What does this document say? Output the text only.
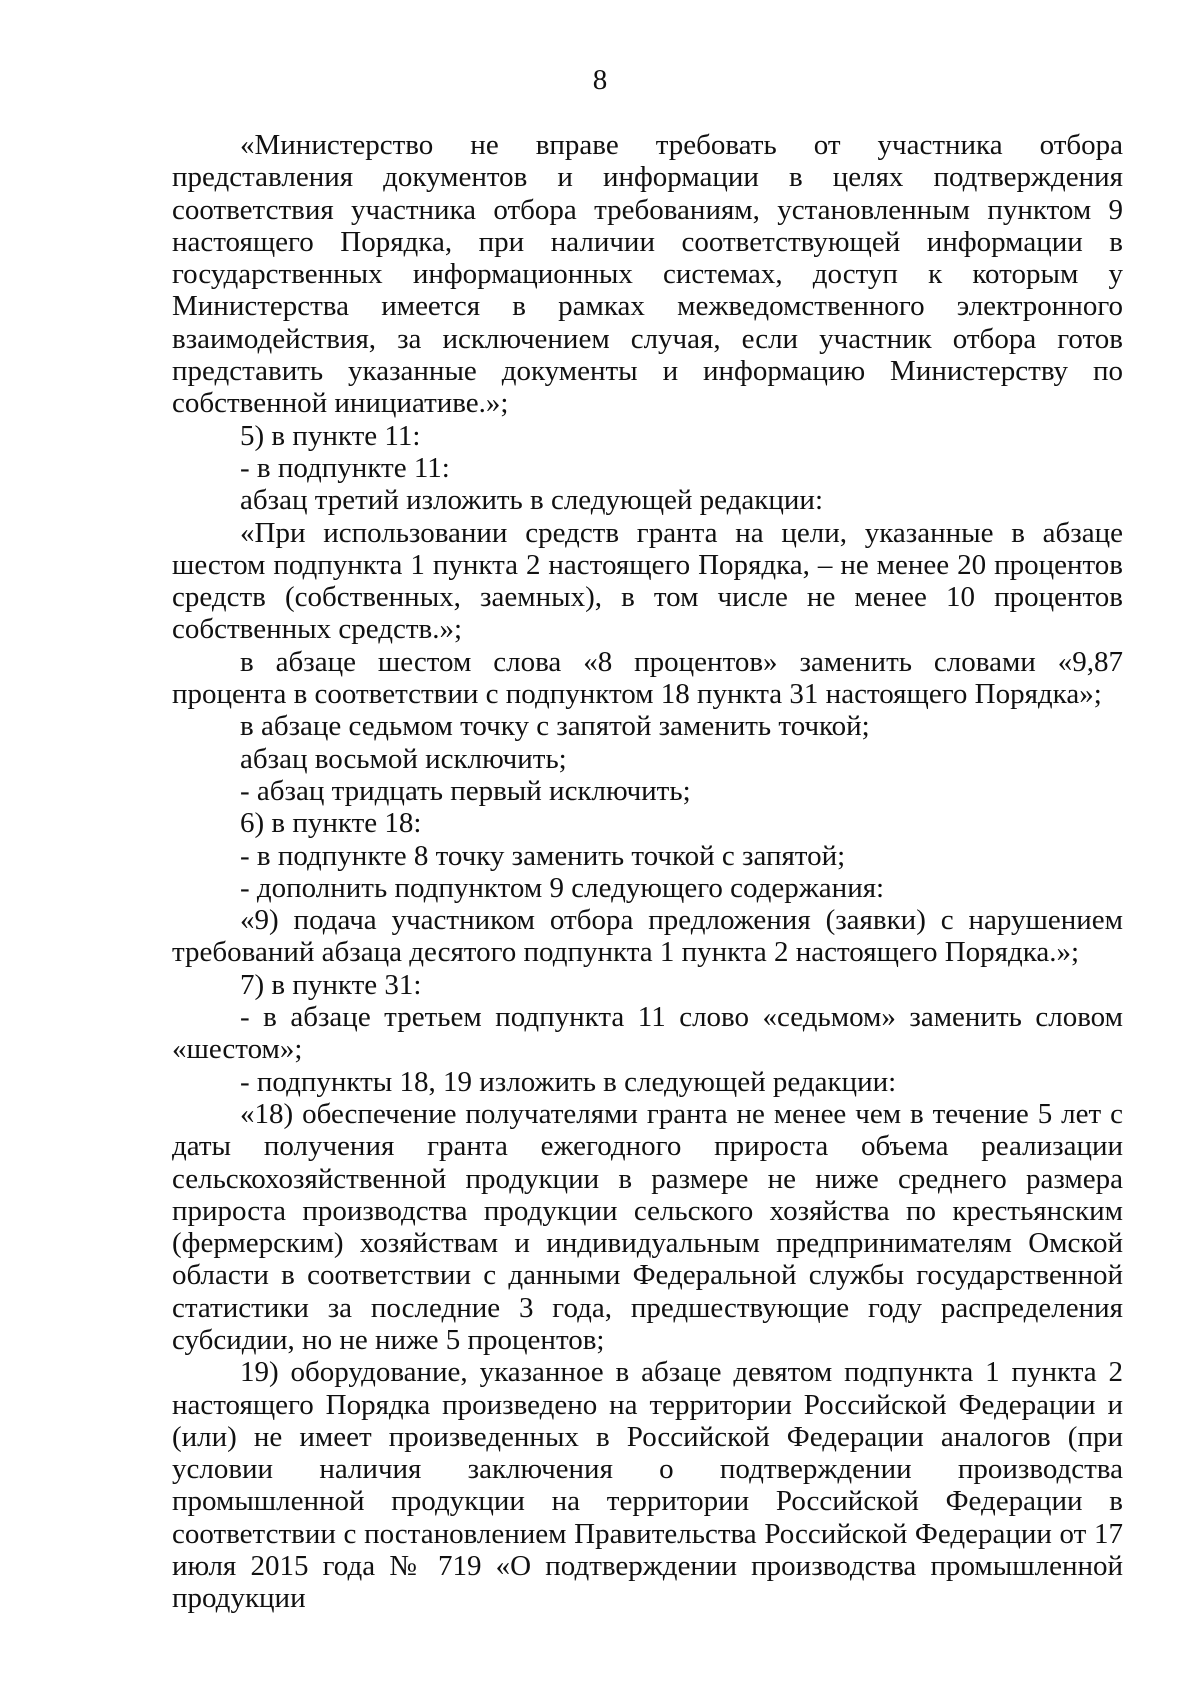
8

«Министерство не вправе требовать от участника отбора представления документов и информации в целях подтверждения соответствия участника отбора требованиям, установленным пунктом 9 настоящего Порядка, при наличии соответствующей информации в государственных информационных системах, доступ к которым у Министерства имеется в рамках межведомственного электронного взаимодействия, за исключением случая, если участник отбора готов представить указанные документы и информацию Министерству по собственной инициативе.»;

5) в пункте 11:

- в подпункте 11:

абзац третий изложить в следующей редакции:

«При использовании средств гранта на цели, указанные в абзаце шестом подпункта 1 пункта 2 настоящего Порядка, – не менее 20 процентов средств (собственных, заемных), в том числе не менее 10 процентов собственных средств.»;

в абзаце шестом слова «8 процентов» заменить словами «9,87 процента в соответствии с подпунктом 18 пункта 31 настоящего Порядка»;

в абзаце седьмом точку с запятой заменить точкой;

абзац восьмой исключить;

- абзац тридцать первый исключить;

6) в пункте 18:

- в подпункте 8 точку заменить точкой с запятой;

- дополнить подпунктом 9 следующего содержания:

«9) подача участником отбора предложения (заявки) с нарушением требований абзаца десятого подпункта 1 пункта 2 настоящего Порядка.»;

7) в пункте 31:

- в абзаце третьем подпункта 11 слово «седьмом» заменить словом «шестом»;

- подпункты 18, 19 изложить в следующей редакции:

«18) обеспечение получателями гранта не менее чем в течение 5 лет с даты получения гранта ежегодного прироста объема реализации сельскохозяйственной продукции в размере не ниже среднего размера прироста производства продукции сельского хозяйства по крестьянским (фермерским) хозяйствам и индивидуальным предпринимателям Омской области в соответствии с данными Федеральной службы государственной статистики за последние 3 года, предшествующие году распределения субсидии, но не ниже 5 процентов;

19) оборудование, указанное в абзаце девятом подпункта 1 пункта 2 настоящего Порядка произведено на территории Российской Федерации и (или) не имеет произведенных в Российской Федерации аналогов (при условии наличия заключения о подтверждении производства промышленной продукции на территории Российской Федерации в соответствии с постановлением Правительства Российской Федерации от 17 июля 2015 года № 719 «О подтверждении производства промышленной продукции
